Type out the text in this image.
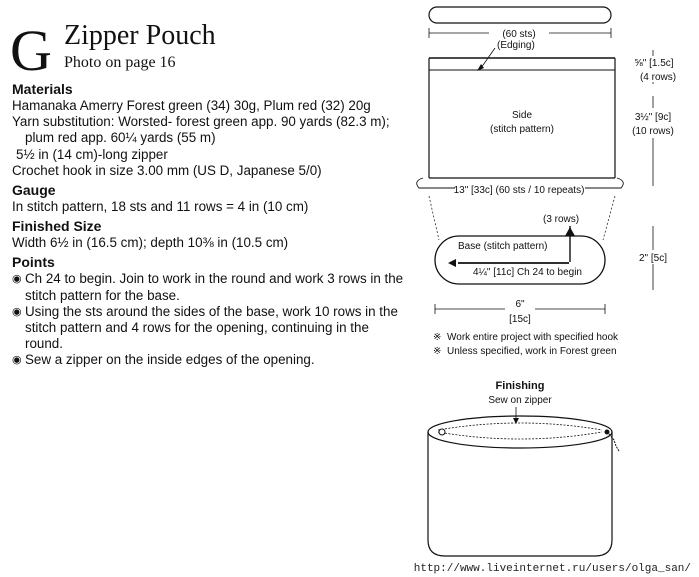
G Zipper Pouch
Photo on page 16
Materials

Hamanaka Amerry Forest green (34) 30g, Plum red (32) 20g

Yarn substitution: Worsted- forest green app. 90 yards (82.3 m);

plum red app. 60¼ yards (55 m)

5½ in (14 cm)-long zipper

Crochet hook in size 3.00 mm (US D, Japanese 5/0)

Gauge

In stitch pattern, 18 sts and 11 rows = 4 in (10 cm)

Finished Size

Width 6½ in (16.5 cm); depth 10⅜ in (10.5 cm)

Points
◉ Ch 24 to begin. Join to work in the round and work 3 rows in the stitch pattern for the base.
◉ Using the sts around the sides of the base, work 10 rows in the stitch pattern and 4 rows for the opening, continuing in the round.
◉ Sew a zipper on the inside edges of the opening.
(60 sts)
(Edging)
Side
(stitch pattern)
⅝" [1.5c]
(4 rows)
3½" [9c]
(10 rows)
13" [33c] (60 sts / 10 repeats)
(3 rows)
Base (stitch pattern)
4¼" [11c] Ch 24 to begin
2" [5c]
6"
[15c]
※ Work entire project with specified hook
※ Unless specified, work in Forest green
Finishing
Sew on zipper
http://www.liveinternet.ru/users/olga_san/
